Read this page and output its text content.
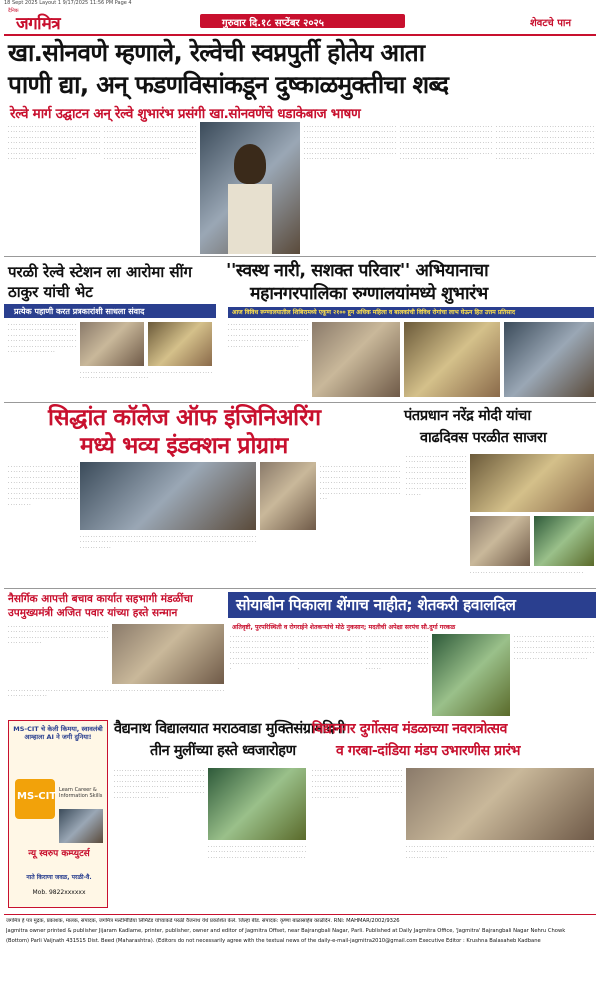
18 Sept 2025 Layout 1 9/17/2025 11:56 PM Page 4
दैनिक
जगमित्र	गुरुवार दि.१८ सप्टेंबर २०२५	शेवटचे पान
खा.सोनवणे म्हणाले, रेल्वेची स्वप्नपुर्ती होतेय आता
पाणी द्या, अन् फडणविसांकडून दुष्काळमुक्तीचा शब्द
रेल्वे मार्ग उद्घाटन अन् रेल्वे शुभारंभ प्रसंगी खा.सोनवणेंचे धडाकेबाज भाषण
· · · · · · · · · · · · · · · · · · · · · · · · · · · · · · · · · · · · · · · · · · · · · · · · · · · · · · · · · · · · · · · · · · · · · · · · · · · · · · · · · · · · · · · · · · · · · · · · · · · · · · · · · · · · · · · · · · · · · · · · · · · · · · · · · · · · · · · · · · · · · · · · · · · · · · · · · · · · · · · · · · · · · · · · · · · · · · · · · · · · · · · · · · · · · · · · · · · · · · · · · · · · · · · · · · · · · · · · · · · · · · · · · · · · · · · · · · · ·
· · · · · · · · · · · · · · · · · · · · · · · · · · · · · · · · · · · · · · · · · · · · · · · · · · · · · · · · · · · · · · · · · · · · · · · · · · · · · · · · · · · · · · · · · · · · · · · · · · · · · · · · · · · · · · · · · · · · · · · · · · · · · · · · · · · · · · · · · · · · · · · · · · · · · · · · · · · · · · · · · · · · · · · · · · · · · · · · · · · · · · · · · · · · · · · · · · · · · · · · · · · · · · · · · · · · · · · · · · · · · · · · · · · · · · · · · · ·
· · · · · · · · · · · · · · · · · · · · · · · · · · · · · · · · · · · · · · · · · · · · · · · · · · · · · · · · · · · · · · · · · · · · · · · · · · · · · · · · · · · · · · · · · · · · · · · · · · · · · · · · · · · · · · · · · · · · · · · · · · · · · · · · · · · · · · · · · · · · · · · · · · · · · · · · · · · · · · · · · · · · · · · · · · · · · · · · · · · · · · · · · · · · · · · · · · · · · · · · · · · · · · · · · · · · · · · · · · · · · · · · · · · · · · · · · · ·
· · · · · · · · · · · · · · · · · · · · · · · · · · · · · · · · · · · · · · · · · · · · · · · · · · · · · · · · · · · · · · · · · · · · · · · · · · · · · · · · · · · · · · · · · · · · · · · · · · · · · · · · · · · · · · · · · · · · · · · · · · · · · · · · · · · · · · · · · · · · · · · · · · · · · · · · · · · · · · · · · · · · · · · · · · · · · · · · · · · · · · · · · · · · · · · · · · · · · · · · · · · · · · · · · · · · · · · · · · · · · · · · · · · · · · · · · · · ·
· · · · · · · · · · · · · · · · · · · · · · · · · · · · · · · · · · · · · · · · · · · · · · · · · · · · · · · · · · · · · · · · · · · · · · · · · · · · · · · · · · · · · · · · · · · · · · · · · · · · · · · · · · · · · · · · · · · · · · · · · · · · · · · · · · · · · · · · · · · · · · · · · · · · · · · · · · · · · · · · · · · · · · · · · · · · · · · · · · · · · · · · · · · · · · · · · · · · · · · · · · · · · · · · · · · · · · · · · · · · · · · · · · · · · · · · · · · ·
परळी रेल्वे स्टेशन ला आरोमा सींग ठाकुर यांची भेट
प्रत्येक पहाणी करत प्रत्रकारांशी साधला संवाद
· · · · · · · · · · · · · · · · · · · · · · · · · · · · · · · · · · · · · · · · · · · · · · · · · · · · · · · · · · · · · · · · · · · · · · · · · · · · · · · · · · · · · · · · · · · · · · · · · · · · · · · · · · · · · · · · · · · · · · · · · · · · · · · · · · · · · · · · · · · · · · · · · · · ·
· · · · · · · · · · · · · · · · · · · · · · · · · · · · · · · · · · · · · · · · · · · · · · · · · · · · · · · · · · · · · · · · · · · · · · · · · · · ·
''स्वस्थ नारी, सशक्त परिवार'' अभियानाचा
महानगरपालिका रुग्णालयांमध्ये शुभारंभ
आज विविध रूग्णालयातील शिबिरामध्ये एकूण २१०० हून अधिक महिला व बालकांची विविध रोगांचा लाभ घेऊन हित उत्तम प्रतिसाद
· · · · · · · · · · · · · · · · · · · · · · · · · · · · · · · · · · · · · · · · · · · · · · · · · · · · · · · · · · · · · · · · · · · · · · · · · · · · · · · · · · · · · · · · · · · · · · · · · · · · · · · · · · · · · · · · · · · · · · · · · · · · · · · · · · · · · · · · · · · · · · · · · · ·
सिद्धांत कॉलेज ऑफ इंजिनिअरिंग
मध्ये भव्य इंडक्शन प्रोग्राम
· · · · · · · · · · · · · · · · · · · · · · · · · · · · · · · · · · · · · · · · · · · · · · · · · · · · · · · · · · · · · · · · · · · · · · · · · · · · · · · · · · · · · · · · · · · · · · · · · · · · · · · · · · · · · · · · · · · · · · · · · · · · · · · · · · · · · · · · · · · · · · · · · · · · · · · · · · · · · · · · · · · · · · · · · · · · · · · · · · · · · · · · · · · · · · ·
· · · · · · · · · · · · · · · · · · · · · · · · · · · · · · · · · · · · · · · · · · · · · · · · · · · · · · · · · · · · · · · · · · · · · · · · · · · · · · · · · · · · · · · · · · · · · · · · · · · · · · · · · · · · · · · · · · · · · · · · · · · · · · · · · · · · · · · · · · · · · · · ·
· · · · · · · · · · · · · · · · · · · · · · · · · · · · · · · · · · · · · · · · · · · · · · · · · · · · · · · · · · · · · · · · · · · · · · · · · · · · · · · · · · · · · · · · · · · · · · · · · · · · · · · · · · · · · · · · · · · · · · · · · · · · · · · · · · · · · · · · · · · · · · · · · · · · · · · · · · · · · · · · · · · · · · · · · · · · · · · · · · · · · · ·
पंतप्रधान नरेंद्र मोदी यांचा
वाढदिवस परळीत साजरा
· · · · · · · · · · · · · · · · · · · · · · · · · · · · · · · · · · · · · · · · · · · · · · · · · · · · · · · · · · · · · · · · · · · · · · · · · · · · · · · · · · · · · · · · · · · · · · · · · · · · · · · · · · · · · · · · · · · · · · · · · · · · · · · · · · · · · · · · · · · · · · · · · · · · · · · · · · · · · · · · · · · · · · ·
· · · · · · · · · · · · · · · · · · · · · · · · · · · · · · · · · · · · · · · · · · ·
नैसर्गिक आपत्ती बचाव कार्यात सहभागी मंडळींचा उपमुख्यमंत्री अजित पवार यांच्या हस्ते सन्मान
· · · · · · · · · · · · · · · · · · · · · · · · · · · · · · · · · · · · · · · · · · · · · · · · · · · · · · · · · · · · · · · · · · · · · · · · · · · · · · · · · · · · · · · · · · · · · · · · · · · · · · · · · · · · · · · · · · · · · · · · · · · · · · ·
· · · · · · · · · · · · · · · · · · · · · · · · · · · · · · · · · · · · · · · · · · · · · · · · · · · · · · · · · · · · · · · · · · · · · · · · · · · · · · · · · · · · · · · · · · · · · · · ·
सोयाबीन पिकाला शेंगाच नाहीत; शेतकरी हवालदिल
अतिवृष्टी, पुरपरिस्थिती व रोगराईने शेतकऱ्यांचे मोठे नुकसान; मदतीची अपेक्षा सरपंच सौ.दुर्गा गरकळ
· · · · · · · · · · · · · · · · · · · · · · · · · · · · · · · · · · · · · · · · · · · · · · · · · · · · · · · · · · · · · · · · · · · · · · · · · · · · · · · · · · · · · · · · · · · · · · · · · · · · · · · · · · · · · · · · · · · · · · · · · · · · · · · · · · · · · · · · · · · · · · · · ·
· · · · · · · · · · · · · · · · · · · · · · · · · · · · · · · · · · · · · · · · · · · · · · · · · · · · · · · · · · · · · · · · · · · · · · · · · · · · · · · · · · · · · · · · · · · · · · · · · · · · · · · · · · · · · · · · · · · · · · · · · · · · · · · · · · · · · · · · · · · · · · · · ·
· · · · · · · · · · · · · · · · · · · · · · · · · · · · · · · · · · · · · · · · · · · · · · · · · · · · · · · · · · · · · · · · · · · · · · · · · · · · · · · · · · · · · · · · · · · · · · · · · · · · · · · · · · · · · · · · · · · · · · · · · · · · · · · · · · · · · · · · · · · · · · · ·
· · · · · · · · · · · · · · · · · · · · · · · · · · · · · · · · · · · · · · · · · · · · · · · · · · · · · · · · · · · · · · · · · · · · · · · · · · · · · · · · · · · · · · · · · · · · · · · · · · · · · · · · · · · · · · · · · · · · · · · · · · · · · · · · · · · · · · · · · · · · · · · · · · · ·
MS-CIT चे केली किमया, स्वावलंबी आम्हाला AI ने जगी दुनिया!
MS-CIT
Learn Career & Information Skills
न्यू स्वरुप कम्प्युटर्स
नाते किराणा जवळ, परळी-वै.
Mob. 9822xxxxxx
वैद्यनाथ विद्यालयात मराठवाडा मुक्तिसंग्रामदिनी
तीन मुलींच्या हस्ते ध्वजारोहण
· · · · · · · · · · · · · · · · · · · · · · · · · · · · · · · · · · · · · · · · · · · · · · · · · · · · · · · · · · · · · · · · · · · · · · · · · · · · · · · · · · · · · · · · · · · · · · · · · · · · · · · · · · · · · · · · · · · · · · · · · · · · · · · · · · · · · · · · · · · · · · · · · · · · · · · · · · · · · · · · · · · · · · · · · · · · · · · · · · · · · · · · · · · · · · ·
· · · · · · · · · · · · · · · · · · · · · · · · · · · · · · · · · · · · · · · · · · · · · · · · · · · · · · · · · · · · · · · · · · · · · · · · · · · · · · · · · · · · · · · · · · · · · · · · · · · · · · · · · · · · · · ·
विद्यानगर दुर्गोत्सव मंडळाच्या नवरात्रोत्सव
व गरबा-दांडिया मंडप उभारणीस प्रारंभ
· · · · · · · · · · · · · · · · · · · · · · · · · · · · · · · · · · · · · · · · · · · · · · · · · · · · · · · · · · · · · · · · · · · · · · · · · · · · · · · · · · · · · · · · · · · · · · · · · · · · · · · · · · · · · · · · · · · · · · · · · · · · · · · · · · · · · · · · · · · · · · · · · · · · · · · · · · · · · · · · · · · · · · · · · · · · · · · · · · · · · · · · · · · ·
· · · · · · · · · · · · · · · · · · · · · · · · · · · · · · · · · · · · · · · · · · · · · · · · · · · · · · · · · · · · · · · · · · · · · · · · · · · · · · · · · · · · · · · · · · · · · · · · · · · · · · · · · · · · · · · · · · · · · · · · · · · · · · · · · · · · · · · · · · · · · · · · · · · · · · · · · · · · · ·
जगमित्र हे पत्र मुद्रक, प्रकाशक, मालक, संपादक, जगमित्र मल्टीमीडिया लिमिटेड यांच्याकडे परळी वैजनाथ येथे प्रकाशित केले. जिल्हा बीड. संपादक: कृष्णा बाळासाहेब काळेदिन. RNI: MAHMAR/2002/9326
Jagmitra owner printed & publisher Jijaram Kadlame, printer, publisher, owner and editor of Jagmitra Offset, near Bajrangbali Nagar, Parli. Published at Daily Jagmitra Office, 'Jagmitra' Bajrangbali Nagar Nehru Chowk
(Bottom) Parli Vaijnath 431515 Dist. Beed (Maharashtra). (Editors do not necessarily agree with the textual news of the daily-e-mail-jagmitra2010@gmail.com Executive Editor : Krushna Balasaheb Kadbane
